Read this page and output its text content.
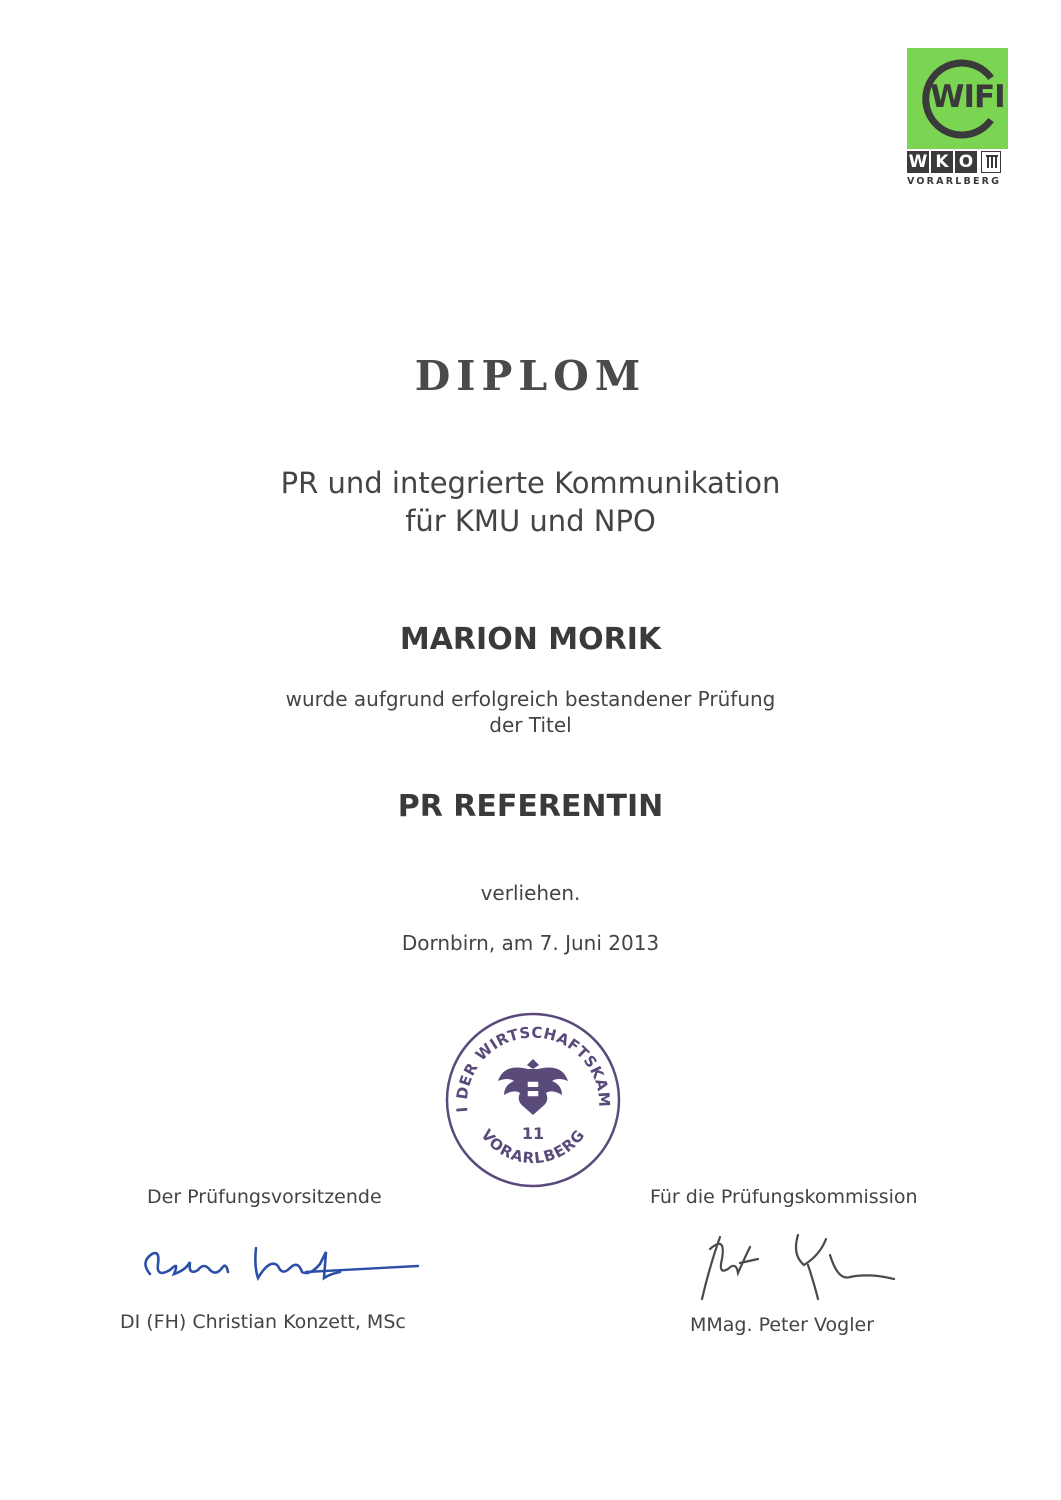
WIFI
W K O
VORARLBERG
DIPLOM
PR und integrierte Kommunikation
für KMU und NPO
MARION MORIK
wurde aufgrund erfolgreich bestandener Prüfung
der Titel
PR REFERENTIN
verliehen.
Dornbirn, am 7. Juni 2013
I DER WIRTSCHAFTSKAM
VORARLBERG
11
Der Prüfungsvorsitzende	Für die Prüfungskommission
DI (FH) Christian Konzett, MSc	MMag. Peter Vogler
